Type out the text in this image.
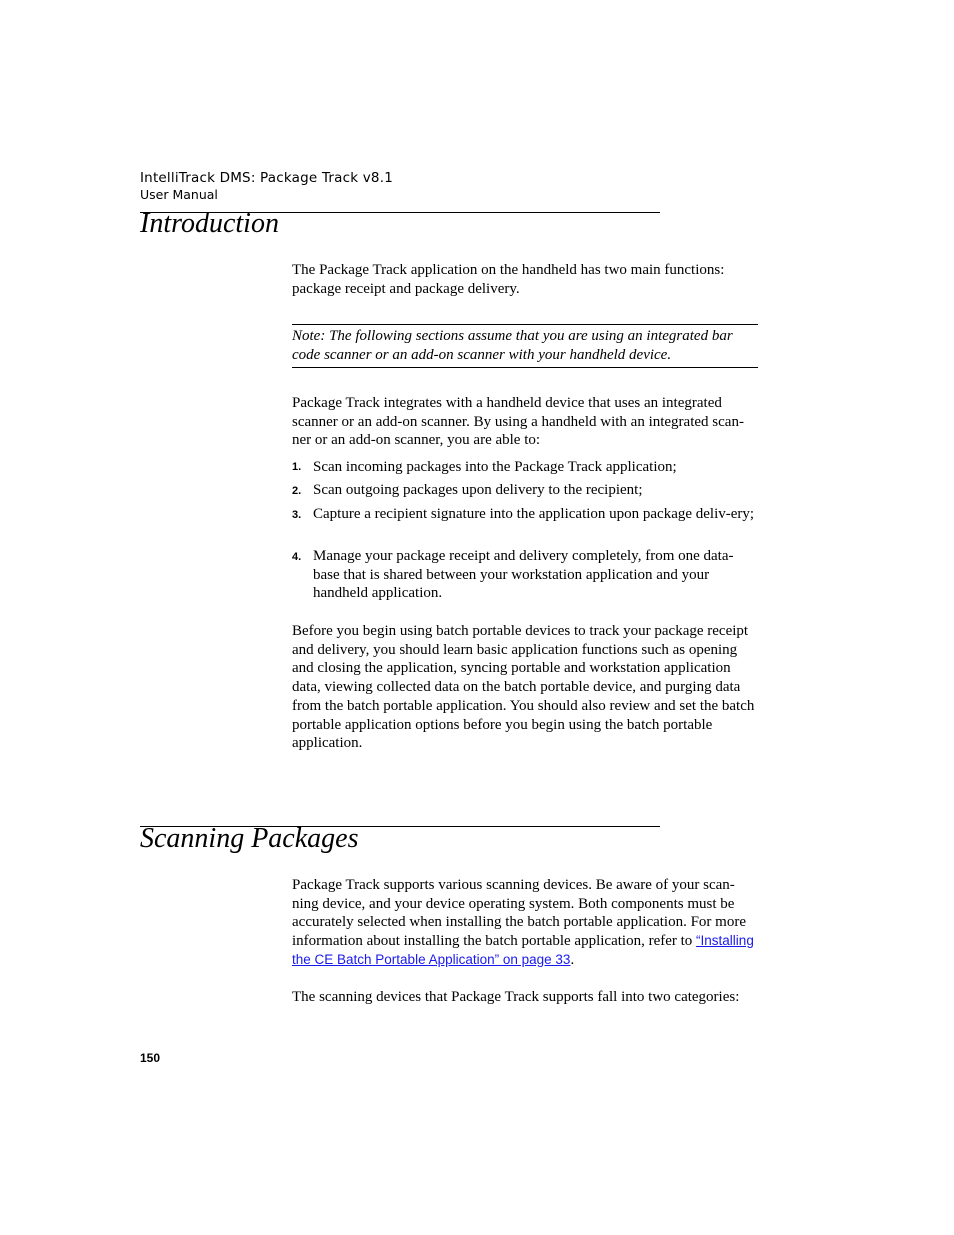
IntelliTrack DMS: Package Track v8.1
User Manual
Introduction

The Package Track application on the handheld has two main functions: package receipt and package delivery.

Note: The following sections assume that you are using an integrated bar code scanner or an add-on scanner with your handheld device.

Package Track integrates with a handheld device that uses an integrated scanner or an add-on scanner. By using a handheld with an integrated scan-ner or an add-on scanner, you are able to:

1. Scan incoming packages into the Package Track application;
2. Scan outgoing packages upon delivery to the recipient;
3. Capture a recipient signature into the application upon package deliv-ery;
4. Manage your package receipt and delivery completely, from one data-base that is shared between your workstation application and your handheld application.

Before you begin using batch portable devices to track your package receipt and delivery, you should learn basic application functions such as opening and closing the application, syncing portable and workstation application data, viewing collected data on the batch portable device, and purging data from the batch portable application. You should also review and set the batch portable application options before you begin using the batch portable application.

Scanning Packages

Package Track supports various scanning devices. Be aware of your scan-ning device, and your device operating system. Both components must be accurately selected when installing the batch portable application. For more information about installing the batch portable application, refer to “Installing the CE Batch Portable Application” on page 33.

The scanning devices that Package Track supports fall into two categories:

150
